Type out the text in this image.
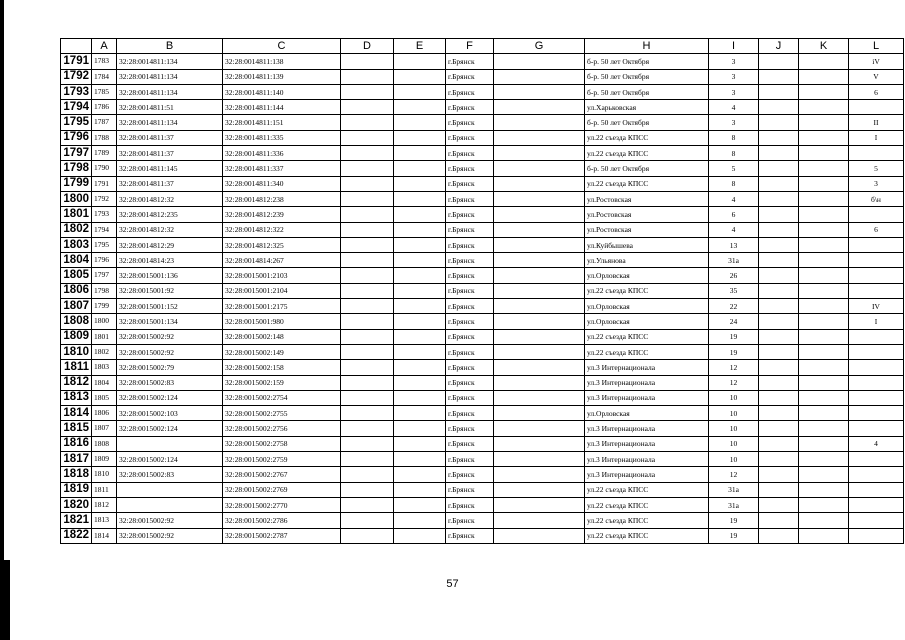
	A	B	C	D	E	F	G	H	I	J	K	L
1791	1783	32:28:0014811:134	32:28:0014811:138			г.Брянск		б-р. 50 лет Октября	3			iV
1792	1784	32:28:0014811:134	32:28:0014811:139			г.Брянск		б-р. 50 лет Октября	3			V
1793	1785	32:28:0014811:134	32:28:0014811:140			г.Брянск		б-р. 50 лет Октября	3			6
1794	1786	32:28:0014811:51	32:28:0014811:144			г.Брянск		ул.Харьковская	4			
1795	1787	32:28:0014811:134	32:28:0014811:151			г.Брянск		б-р. 50 лет Октября	3			II
1796	1788	32:28:0014811:37	32:28:0014811:335			г.Брянск		ул.22 съезда КПСС	8			I
1797	1789	32:28:0014811:37	32:28:0014811:336			г.Брянск		ул.22 съезда КПСС	8			
1798	1790	32:28:0014811:145	32:28:0014811:337			г.Брянск		б-р. 50 лет Октября	5			5
1799	1791	32:28:0014811:37	32:28:0014811:340			г.Брянск		ул.22 съезда КПСС	8			3
1800	1792	32:28:0014812:32	32:28:0014812:238			г.Брянск		ул.Ростовская	4			б\н
1801	1793	32:28:0014812:235	32:28:0014812:239			г.Брянск		ул.Ростовская	6			
1802	1794	32:28:0014812:32	32:28:0014812:322			г.Брянск		ул.Ростовская	4			6
1803	1795	32:28:0014812:29	32:28:0014812:325			г.Брянск		ул.Куйбышева	13			
1804	1796	32:28:0014814:23	32:28:0014814:267			г.Брянск		ул.Ульянова	31а			
1805	1797	32:28:0015001:136	32:28:0015001:2103			г.Брянск		ул.Орловская	26			
1806	1798	32:28:0015001:92	32:28:0015001:2104			г.Брянск		ул.22 съезда КПСС	35			
1807	1799	32:28:0015001:152	32:28:0015001:2175			г.Брянск		ул.Орловская	22			IV
1808	1800	32:28:0015001:134	32:28:0015001:980			г.Брянск		ул.Орловская	24			I
1809	1801	32:28:0015002:92	32:28:0015002:148			г.Брянск		ул.22 съезда КПСС	19			
1810	1802	32:28:0015002:92	32:28:0015002:149			г.Брянск		ул.22 съезда КПСС	19			
1811	1803	32:28:0015002:79	32:28:0015002:158			г.Брянск		ул.3 Интернационала	12			
1812	1804	32:28:0015002:83	32:28:0015002:159			г.Брянск		ул.3 Интернационала	12			
1813	1805	32:28:0015002:124	32:28:0015002:2754			г.Брянск		ул.3 Интернационала	10			
1814	1806	32:28:0015002:103	32:28:0015002:2755			г.Брянск		ул.Орловская	10			
1815	1807	32:28:0015002:124	32:28:0015002:2756			г.Брянск		ул.3 Интернационала	10			
1816	1808		32:28:0015002:2758			г.Брянск		ул.3 Интернационала	10			4
1817	1809	32:28:0015002:124	32:28:0015002:2759			г.Брянск		ул.3 Интернационала	10			
1818	1810	32:28:0015002:83	32:28:0015002:2767			г.Брянск		ул.3 Интернационала	12			
1819	1811		32:28:0015002:2769			г.Брянск		ул.22 съезда КПСС	31а			
1820	1812		32:28:0015002:2770			г.Брянск		ул.22 съезда КПСС	31а			
1821	1813	32:28:0015002:92	32:28:0015002:2786			г.Брянск		ул.22 съезда КПСС	19			
1822	1814	32:28:0015002:92	32:28:0015002:2787			г.Брянск		ул.22 съезда КПСС	19			
57
